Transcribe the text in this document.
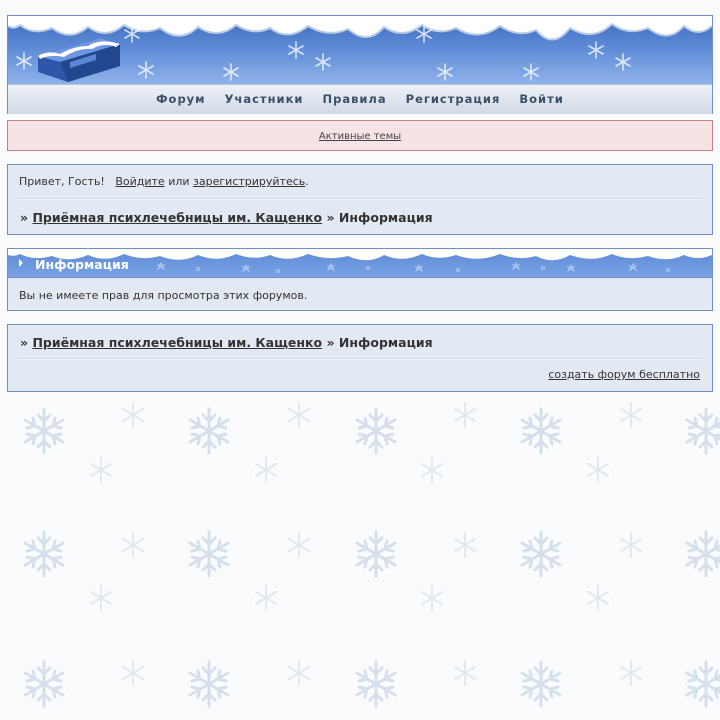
Форум Участники Правила Регистрация Войти
Активные темы
Привет, Гость! Войдите или зарегистрируйтесь.
» Приёмная психлечебницы им. Кащенко » Информация
Информация
Вы не имеете прав для просмотра этих форумов.
» Приёмная психлечебницы им. Кащенко » Информация
создать форум бесплатно
